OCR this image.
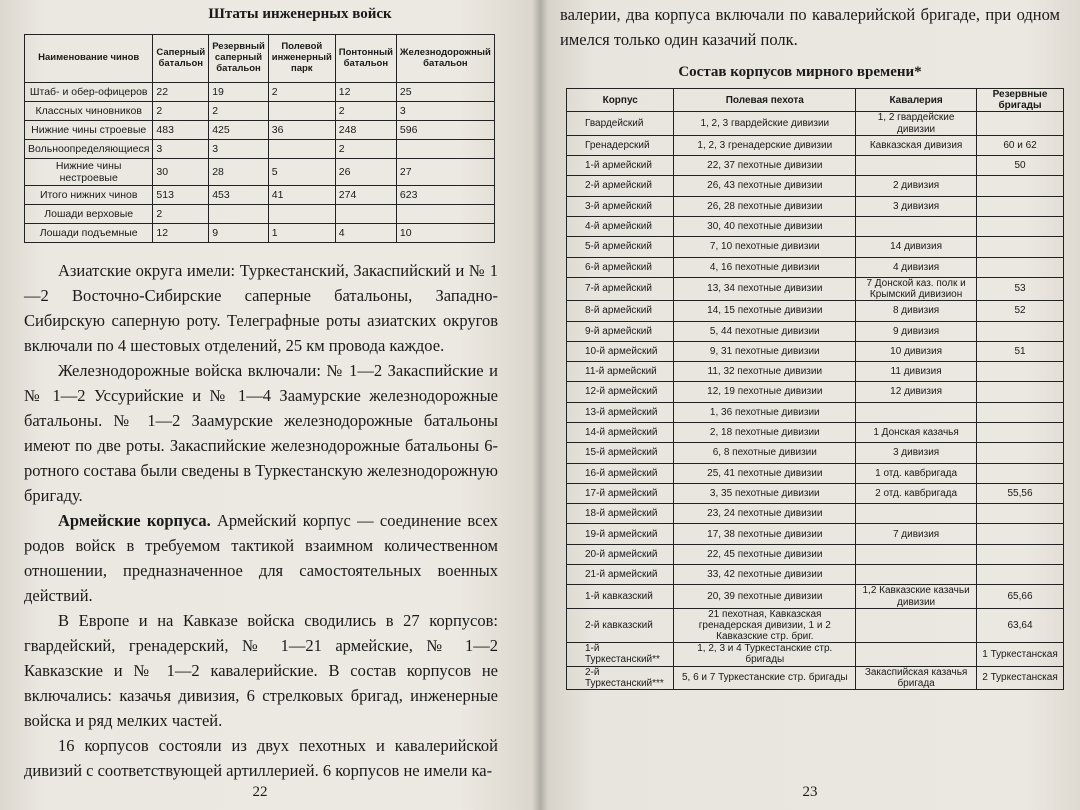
Штаты инженерных войск
Наименование чинов	Саперный батальон	Резервный саперный батальон	Полевой инженерный парк	Понтонный батальон	Железнодорожный батальон
Штаб- и обер-офицеров	22	19	2	12	25
Классных чиновников	2	2		2	3
Нижние чины строевые	483	425	36	248	596
Вольноопределяющиеся	3	3		2	
Нижние чины нестроевые	30	28	5	26	27
Итого нижних чинов	513	453	41	274	623
Лошади верховые	2				
Лошади подъемные	12	9	1	4	10

Азиатские округа имели: Туркестанский, Закаспийский и № 1—2 Восточно-Сибирские саперные батальоны, Западно-Сибирскую саперную роту. Телеграфные роты азиатских округов включали по 4 шестовых отделений, 25 км провода каждое.

Железнодорожные войска включали: № 1—2 Закаспийские и № 1—2 Уссурийские и № 1—4 Заамурские железнодорожные батальоны. № 1—2 Заамурские железнодорожные батальоны имеют по две роты. Закаспийские железнодорожные батальоны 6-ротного состава были сведены в Туркестанскую железнодорожную бригаду.

Армейские корпуса. Армейский корпус — соединение всех родов войск в требуемом тактикой взаимном количественном отношении, предназначенное для самостоятельных военных действий.

В Европе и на Кавказе войска сводились в 27 корпусов: гвардейский, гренадерский, № 1—21 армейские, № 1—2 Кавказские и № 1—2 кавалерийские. В состав корпусов не включались: казачья дивизия, 6 стрелковых бригад, инженерные войска и ряд мелких частей.

16 корпусов состояли из двух пехотных и кавалерийской дивизий с соответствующей артиллерией. 6 корпусов не имели ка-

22
валерии, два корпуса включали по кавалерийской бригаде, при одном имелся только один казачий полк.
Состав корпусов мирного времени*
Корпус	Полевая пехота	Кавалерия	Резервные бригады
Гвардейский	1, 2, 3 гвардейские дивизии	1, 2 гвардейские дивизии	
Гренадерский	1, 2, 3 гренадерские дивизии	Кавказская дивизия	60 и 62
1-й армейский	22, 37 пехотные дивизии		50
2-й армейский	26, 43 пехотные дивизии	2 дивизия	
3-й армейский	26, 28 пехотные дивизии	3 дивизия	
4-й армейский	30, 40 пехотные дивизии		
5-й армейский	7, 10 пехотные дивизии	14 дивизия	
6-й армейский	4, 16 пехотные дивизии	4 дивизия	
7-й армейский	13, 34 пехотные дивизии	7 Донской каз. полк и Крымский дивизион	53
8-й армейский	14, 15 пехотные дивизии	8 дивизия	52
9-й армейский	5, 44 пехотные дивизии	9 дивизия	
10-й армейский	9, 31 пехотные дивизии	10 дивизия	51
11-й армейский	11, 32 пехотные дивизии	11 дивизия	
12-й армейский	12, 19 пехотные дивизии	12 дивизия	
13-й армейский	1, 36 пехотные дивизии		
14-й армейский	2, 18 пехотные дивизии	1 Донская казачья	
15-й армейский	6, 8 пехотные дивизии	3 дивизия	
16-й армейский	25, 41 пехотные дивизии	1 отд. кавбригада	
17-й армейский	3, 35 пехотные дивизии	2 отд. кавбригада	55,56
18-й армейский	23, 24 пехотные дивизии		
19-й армейский	17, 38 пехотные дивизии	7 дивизия	
20-й армейский	22, 45 пехотные дивизии		
21-й армейский	33, 42 пехотные дивизии		
1-й кавказский	20, 39 пехотные дивизии	1,2 Кавказские казачьи дивизии	65,66
2-й кавказский	21 пехотная, Кавказская гренадерская дивизии, 1 и 2 Кавказские стр. бриг.		63,64
1-й Туркестанский**	1, 2, 3 и 4 Туркестанские стр. бригады		1 Туркестанская
2-й Туркестанский***	5, 6 и 7 Туркестанские стр. бригады	Закаспийская казачья бригада	2 Туркестанская
23
